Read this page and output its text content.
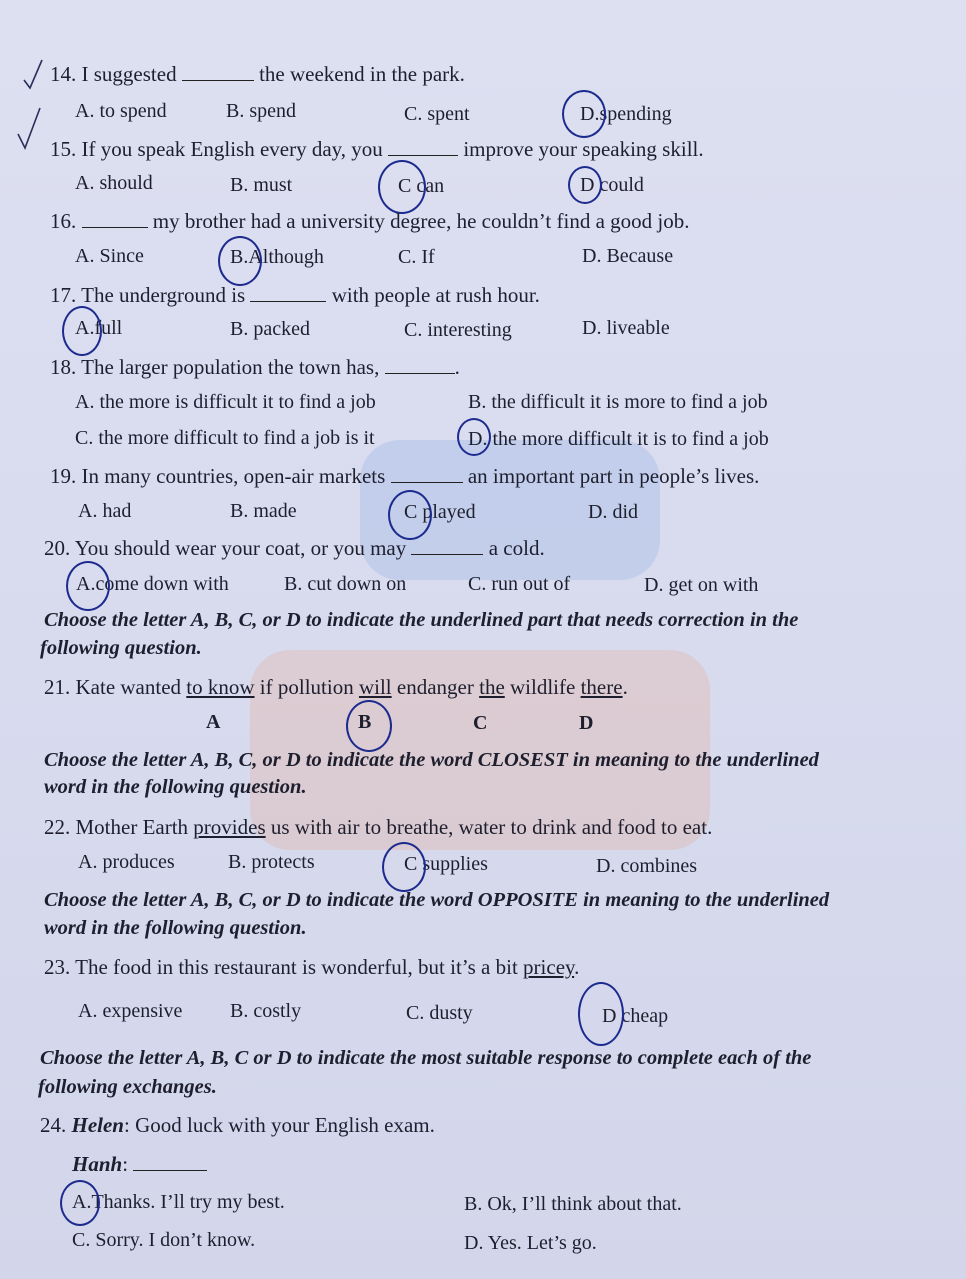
14. I suggested	the weekend in the park.
A. to spend	B. spend	C. spent	D.spending
15. If you speak English every day, you	improve your speaking skill.
A. should	B. must	C can	D could
16.	my brother had a university degree, he couldn’t find a good job.
A. Since	B.Although	C. If	D. Because
17. The underground is	with people at rush hour.
A.full	B. packed	C. interesting	D. liveable
18. The larger population the town has,	.
A. the more is difficult it to find a job	B. the difficult it is more to find a job
C. the more difficult to find a job is it	D. the more difficult it is to find a job
19. In many countries, open-air markets	an important part in people’s lives.
A. had	B. made	C played	D. did
20. You should wear your coat, or you may	a cold.
A.come down with	B. cut down on	C. run out of	D. get on with
Choose the letter A, B, C, or D to indicate the underlined part that needs correction in the
following question.
21. Kate wanted to know if pollution will endanger the wildlife there.
A	B	C	D
Choose the letter A, B, C, or D to indicate the word CLOSEST in meaning to the underlined
word in the following question.
22. Mother Earth provides us with air to breathe, water to drink and food to eat.
A. produces	B. protects	C supplies	D. combines
Choose the letter A, B, C, or D to indicate the word OPPOSITE in meaning to the underlined
word in the following question.
23. The food in this restaurant is wonderful, but it’s a bit pricey.
A. expensive B. costly	C. dusty	D cheap
Choose the letter A, B, C or D to indicate the most suitable response to complete each of the
following exchanges.
24. Helen: Good luck with your English exam.
Hanh:
A.Thanks. I’ll try my best.	B. Ok, I’ll think about that.
C. Sorry. I don’t know.	D. Yes. Let’s go.
